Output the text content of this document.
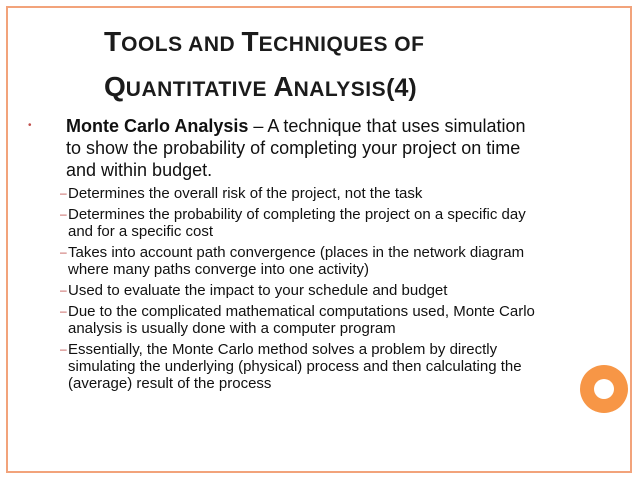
TOOLS AND TECHNIQUES OF
QUANTITATIVE ANALYSIS(4)
•	Monte Carlo Analysis – A technique that uses simulation to show the probability of completing your project on time and within budget.
– Determines the overall risk of the project, not the task
– Determines the probability of completing the project on a specific day and for a specific cost
– Takes into account path convergence (places in the network diagram where many paths converge into one activity)
– Used to evaluate the impact to your schedule and budget
– Due to the complicated mathematical computations used, Monte Carlo analysis is usually done with a computer program
– Essentially, the Monte Carlo method solves a problem by directly simulating the underlying (physical) process and then calculating the (average) result of the process
